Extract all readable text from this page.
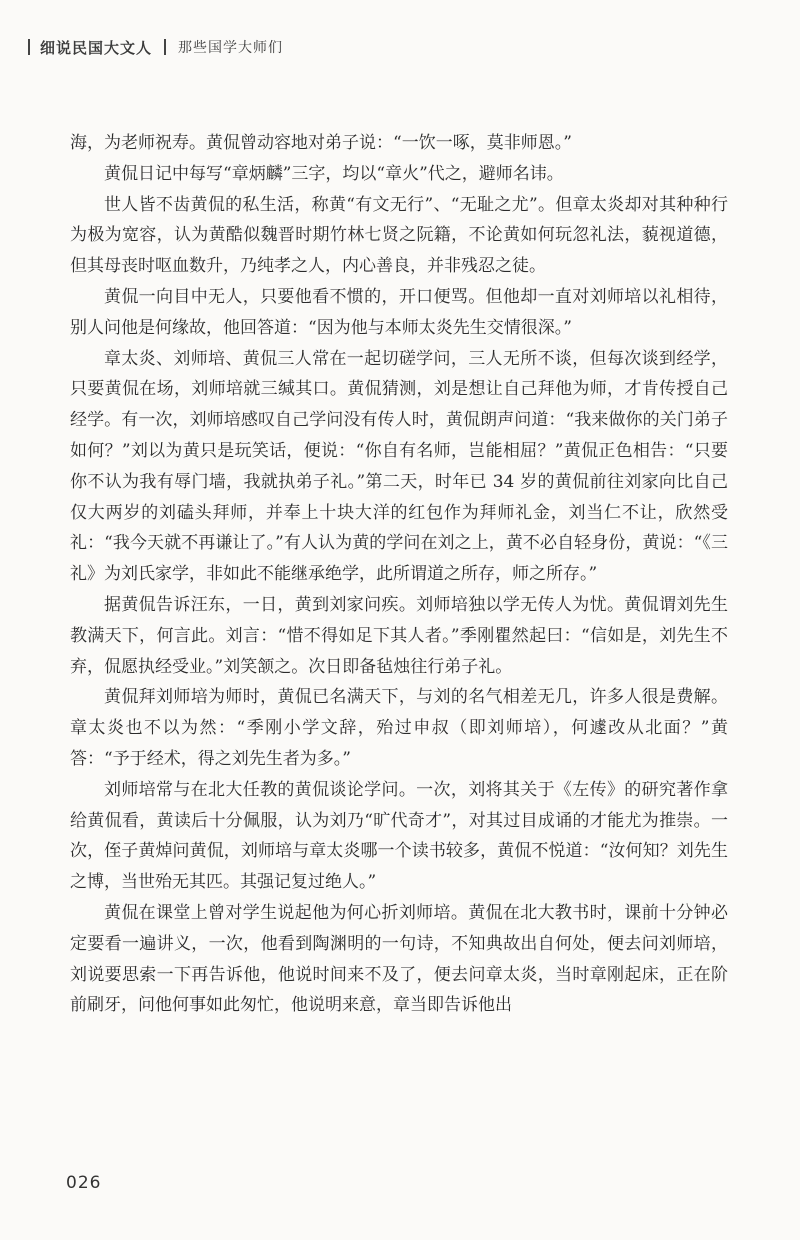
细说民国大文人 那些国学大师们

海，为老师祝寿。黄侃曾动容地对弟子说：“一饮一啄，莫非师恩。”

黄侃日记中每写“章炳麟”三字，均以“章火”代之，避师名讳。

世人皆不齿黄侃的私生活，称黄“有文无行”、“无耻之尤”。但章太炎却对其种种行为极为宽容，认为黄酷似魏晋时期竹林七贤之阮籍，不论黄如何玩忽礼法，藐视道德，但其母丧时呕血数升，乃纯孝之人，内心善良，并非残忍之徒。

黄侃一向目中无人，只要他看不惯的，开口便骂。但他却一直对刘师培以礼相待，别人问他是何缘故，他回答道：“因为他与本师太炎先生交情很深。”

章太炎、刘师培、黄侃三人常在一起切磋学问，三人无所不谈，但每次谈到经学，只要黄侃在场，刘师培就三缄其口。黄侃猜测，刘是想让自己拜他为师，才肯传授自己经学。有一次，刘师培感叹自己学问没有传人时，黄侃朗声问道：“我来做你的关门弟子如何？”刘以为黄只是玩笑话，便说：“你自有名师，岂能相屈？”黄侃正色相告：“只要你不认为我有辱门墙，我就执弟子礼。”第二天，时年已 34 岁的黄侃前往刘家向比自己仅大两岁的刘磕头拜师，并奉上十块大洋的红包作为拜师礼金，刘当仁不让，欣然受礼：“我今天就不再谦让了。”有人认为黄的学问在刘之上，黄不必自轻身份，黄说：“《三礼》为刘氏家学，非如此不能继承绝学，此所谓道之所存，师之所存。”

据黄侃告诉汪东，一日，黄到刘家问疾。刘师培独以学无传人为忧。黄侃谓刘先生教满天下，何言此。刘言：“惜不得如足下其人者。”季刚瞿然起曰：“信如是，刘先生不弃，侃愿执经受业。”刘笑颔之。次日即备毡烛往行弟子礼。

黄侃拜刘师培为师时，黄侃已名满天下，与刘的名气相差无几，许多人很是费解。章太炎也不以为然：“季刚小学文辞，殆过申叔（即刘师培），何遽改从北面？”黄答：“予于经术，得之刘先生者为多。”

刘师培常与在北大任教的黄侃谈论学问。一次，刘将其关于《左传》的研究著作拿给黄侃看，黄读后十分佩服，认为刘乃“旷代奇才”，对其过目成诵的才能尤为推崇。一次，侄子黄焯问黄侃，刘师培与章太炎哪一个读书较多，黄侃不悦道：“汝何知？刘先生之博，当世殆无其匹。其强记复过绝人。”

黄侃在课堂上曾对学生说起他为何心折刘师培。黄侃在北大教书时，课前十分钟必定要看一遍讲义，一次，他看到陶渊明的一句诗，不知典故出自何处，便去问刘师培，刘说要思索一下再告诉他，他说时间来不及了，便去问章太炎，当时章刚起床，正在阶前刷牙，问他何事如此匆忙，他说明来意，章当即告诉他出

026
